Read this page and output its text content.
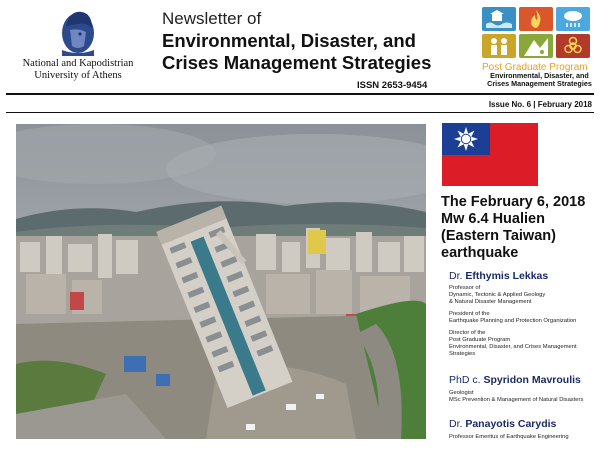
National and Kapodistrian University of Athens
Newsletter of
Environmental, Disaster, and Crises Management Strategies
ISSN 2653-9454
Post Graduate Program
Environmental, Disaster, and Crises Management Strategies
Issue No. 6 | February 2018
The February 6, 2018 Mw 6.4 Hualien (Eastern Taiwan) earthquake
Dr. Efthymis Lekkas
Professor of
Dynamic, Tectonic & Applied Geology
& Natural Disaster Management
President of the
Earthquake Planning and Protection Organization
Director of the
Post Graduate Program
Environmental, Disaster, and Crises Management
Strategies
PhD c. Spyridon Mavroulis
Geologist
MSc Prevention & Management of Natural Disasters
Dr. Panayotis Carydis
Professor Emeritus of Earthquake Engineering
